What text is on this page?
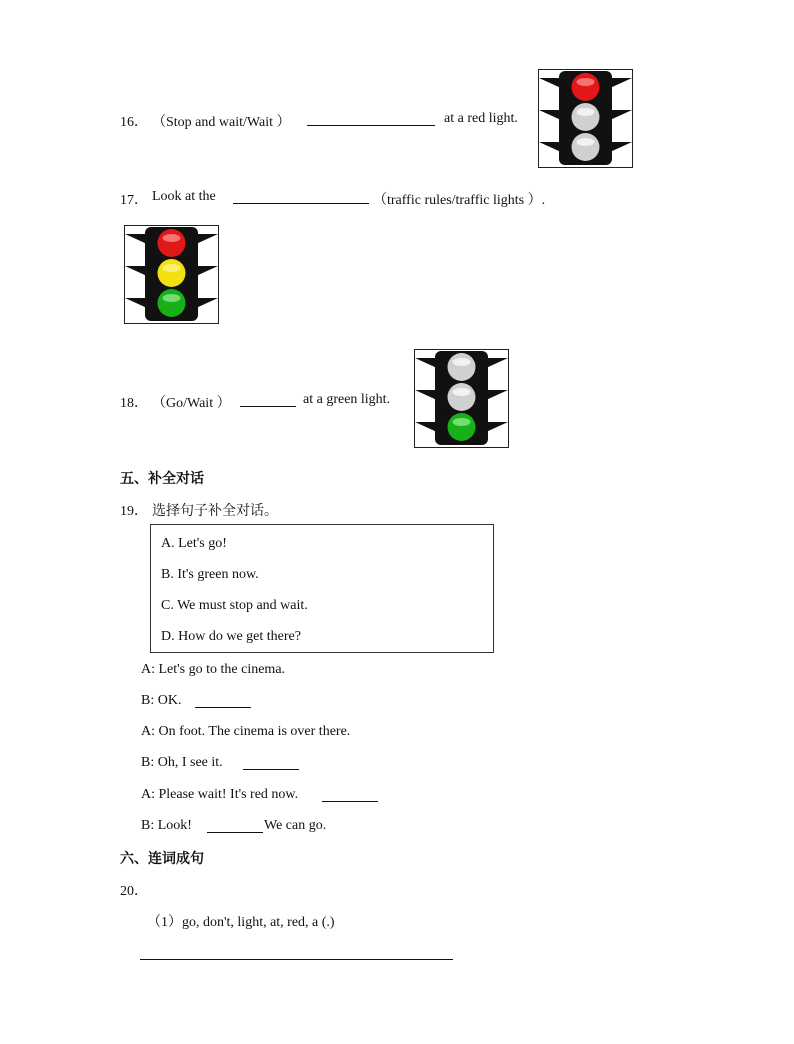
16． （Stop and wait/Wait ）	at a red light.
17． Look at the	（traffic rules/traffic lights ）.
18． （Go/Wait ）	at a green light.
五、补全对话
19． 选择句子补全对话。
A. Let's go!
B. It's green now.
C. We must stop and wait.
D. How do we get there?
A: Let's go to the cinema.
B: OK.
A: On foot. The cinema is over there.
B: Oh, I see it.
A: Please wait! It's red now.
B: Look!	We can go.
六、连词成句
20．
（1）go, don't, light, at, red, a (.)
